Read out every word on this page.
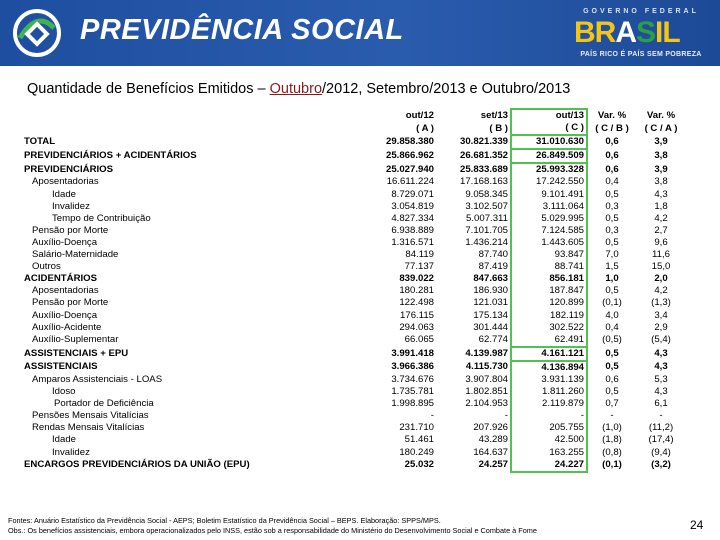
PREVIDÊNCIA SOCIAL
GOVERNO FEDERAL
BRASIL
PAÍS RICO É PAÍS SEM POBREZA
Quantidade de Benefícios Emitidos – Outubro/2012, Setembro/2013 e Outubro/2013
	out/12	set/13	out/13	Var. %	Var. %
	( A )	( B )	( C )	( C / B )	( C / A )
TOTAL	29.858.380	30.821.339	31.010.630	0,6	3,9
PREVIDENCIÁRIOS + ACIDENTÁRIOS	25.866.962	26.681.352	26.849.509	0,6	3,8
PREVIDENCIÁRIOS	25.027.940	25.833.689	25.993.328	0,6	3,9
Aposentadorias	16.611.224	17.168.163	17.242.550	0,4	3,8
Idade	8.729.071	9.058.345	9.101.491	0,5	4,3
Invalidez	3.054.819	3.102.507	3.111.064	0,3	1,8
Tempo de Contribuição	4.827.334	5.007.311	5.029.995	0,5	4,2
Pensão por Morte	6.938.889	7.101.705	7.124.585	0,3	2,7
Auxílio-Doença	1.316.571	1.436.214	1.443.605	0,5	9,6
Salário-Maternidade	84.119	87.740	93.847	7,0	11,6
Outros	77.137	87.419	88.741	1,5	15,0
ACIDENTÁRIOS	839.022	847.663	856.181	1,0	2,0
Aposentadorias	180.281	186.930	187.847	0,5	4,2
Pensão por Morte	122.498	121.031	120.899	(0,1)	(1,3)
Auxílio-Doença	176.115	175.134	182.119	4,0	3,4
Auxílio-Acidente	294.063	301.444	302.522	0,4	2,9
Auxílio-Suplementar	66.065	62.774	62.491	(0,5)	(5,4)
ASSISTENCIAIS + EPU	3.991.418	4.139.987	4.161.121	0,5	4,3
ASSISTENCIAIS	3.966.386	4.115.730	4.136.894	0,5	4,3
Amparos Assistenciais - LOAS	3.734.676	3.907.804	3.931.139	0,6	5,3
Idoso	1.735.781	1.802.851	1.811.260	0,5	4,3
Portador de Deficiência	1.998.895	2.104.953	2.119.879	0,7	6,1
Pensões Mensais Vitalícias	-	-	-	-	-
Rendas Mensais Vitalícias	231.710	207.926	205.755	(1,0)	(11,2)
Idade	51.461	43.289	42.500	(1,8)	(17,4)
Invalidez	180.249	164.637	163.255	(0,8)	(9,4)
ENCARGOS PREVIDENCIÁRIOS DA UNIÃO (EPU)	25.032	24.257	24.227	(0,1)	(3,2)
Fontes: Anuário Estatístico da Previdência Social - AEPS; Boletim Estatístico da Previdência Social – BEPS. Elaboração: SPPS/MPS.
Obs.: Os benefícios assistenciais, embora operacionalizados pelo INSS, estão sob a responsabilidade do Ministério do Desenvolvimento Social e Combate à Fome	24
